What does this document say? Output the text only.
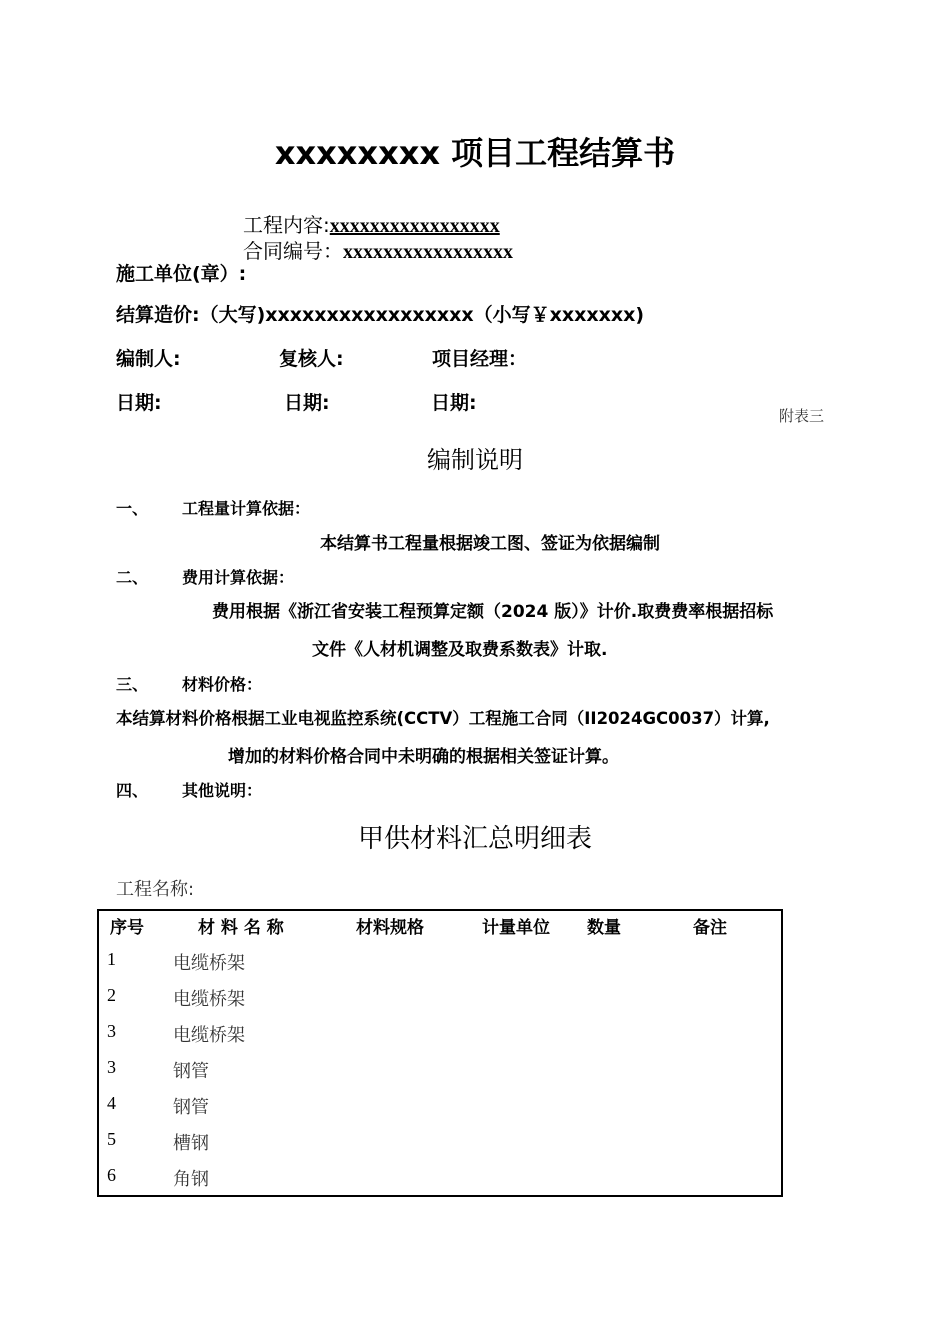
xxxxxxxx 项目工程结算书
工程内容:xxxxxxxxxxxxxxxxx
合同编号：xxxxxxxxxxxxxxxxx
施工单位(章）:
结算造价:（大写)xxxxxxxxxxxxxxxxx（小写￥xxxxxxx)
编制人:	复核人:	项目经理：
日期:	日期:	日期:
附表三
编制说明
一、 工程量计算依据：
本结算书工程量根据竣工图、签证为依据编制
二、 费用计算依据：
费用根据《浙江省安装工程预算定额（2024 版）》计价.取费费率根据招标
文件《人材机调整及取费系数表》计取.
三、 材料价格：
本结算材料价格根据工业电视监控系统(CCTV）工程施工合同（II2024GC0037）计算,
增加的材料价格合同中未明确的根据相关签证计算。
四、 其他说明：
甲供材料汇总明细表
工程名称:
序号	材 料 名 称	材料规格	计量单位 数量	备注
1	电缆桥架
2	电缆桥架
3	电缆桥架
3	钢管
4	钢管
5	槽钢
6	角钢
